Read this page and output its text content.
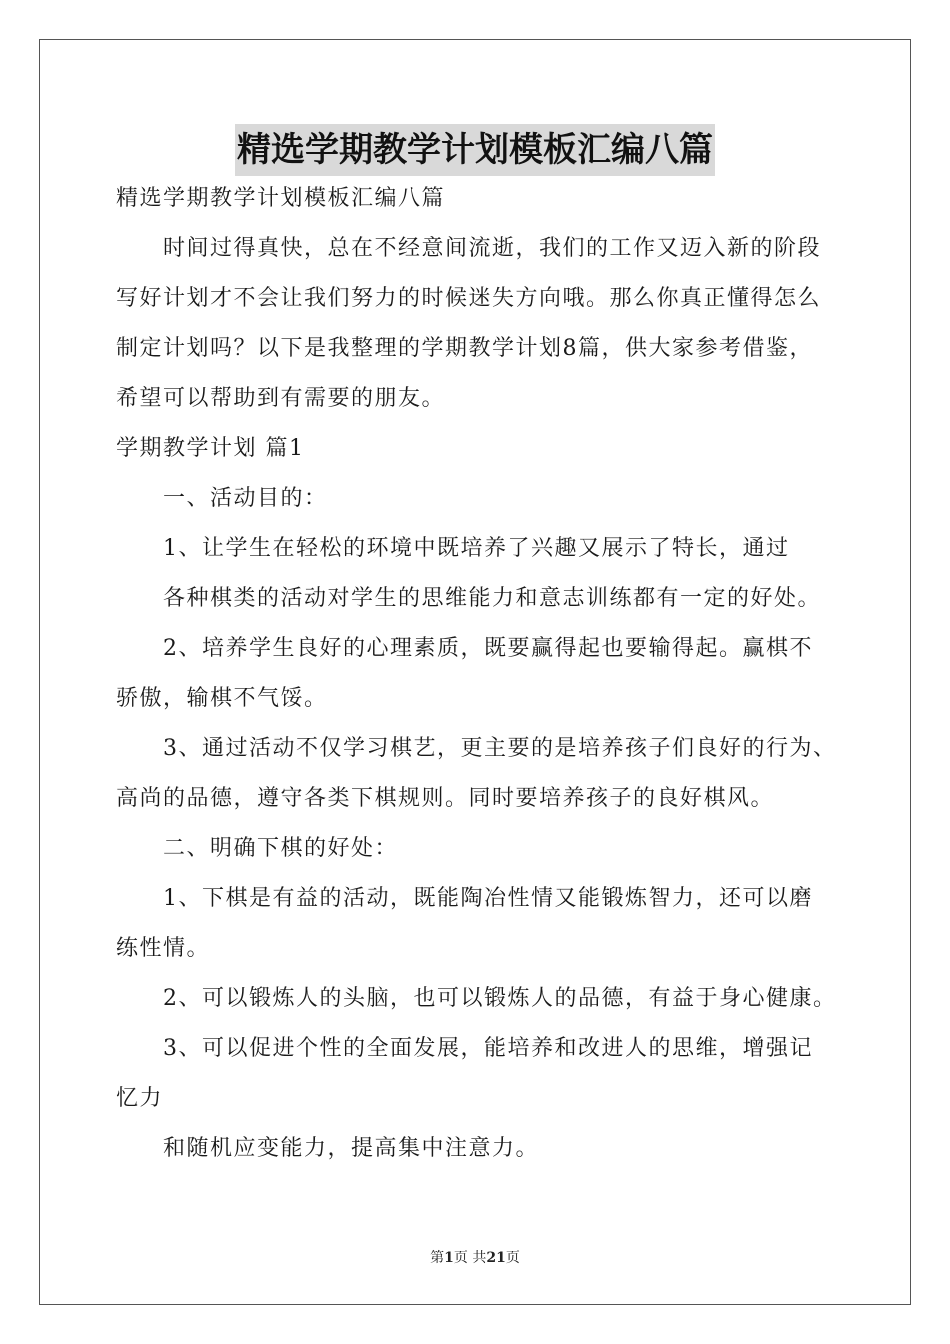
精选学期教学计划模板汇编八篇
精选学期教学计划模板汇编八篇
时间过得真快，总在不经意间流逝，我们的工作又迈入新的阶段
写好计划才不会让我们努力的时候迷失方向哦。那么你真正懂得怎么
制定计划吗？以下是我整理的学期教学计划8篇，供大家参考借鉴，
希望可以帮助到有需要的朋友。
学期教学计划 篇1
一、活动目的：
1、让学生在轻松的环境中既培养了兴趣又展示了特长，通过
各种棋类的活动对学生的思维能力和意志训练都有一定的好处。
2、培养学生良好的心理素质，既要赢得起也要输得起。赢棋不
骄傲，输棋不气馁。
3、通过活动不仅学习棋艺，更主要的是培养孩子们良好的行为、
高尚的品德，遵守各类下棋规则。同时要培养孩子的良好棋风。
二、明确下棋的好处：
1、下棋是有益的活动，既能陶冶性情又能锻炼智力，还可以磨
练性情。
2、可以锻炼人的头脑，也可以锻炼人的品德，有益于身心健康。
3、可以促进个性的全面发展，能培养和改进人的思维，增强记
忆力
和随机应变能力，提高集中注意力。
第1页 共21页
